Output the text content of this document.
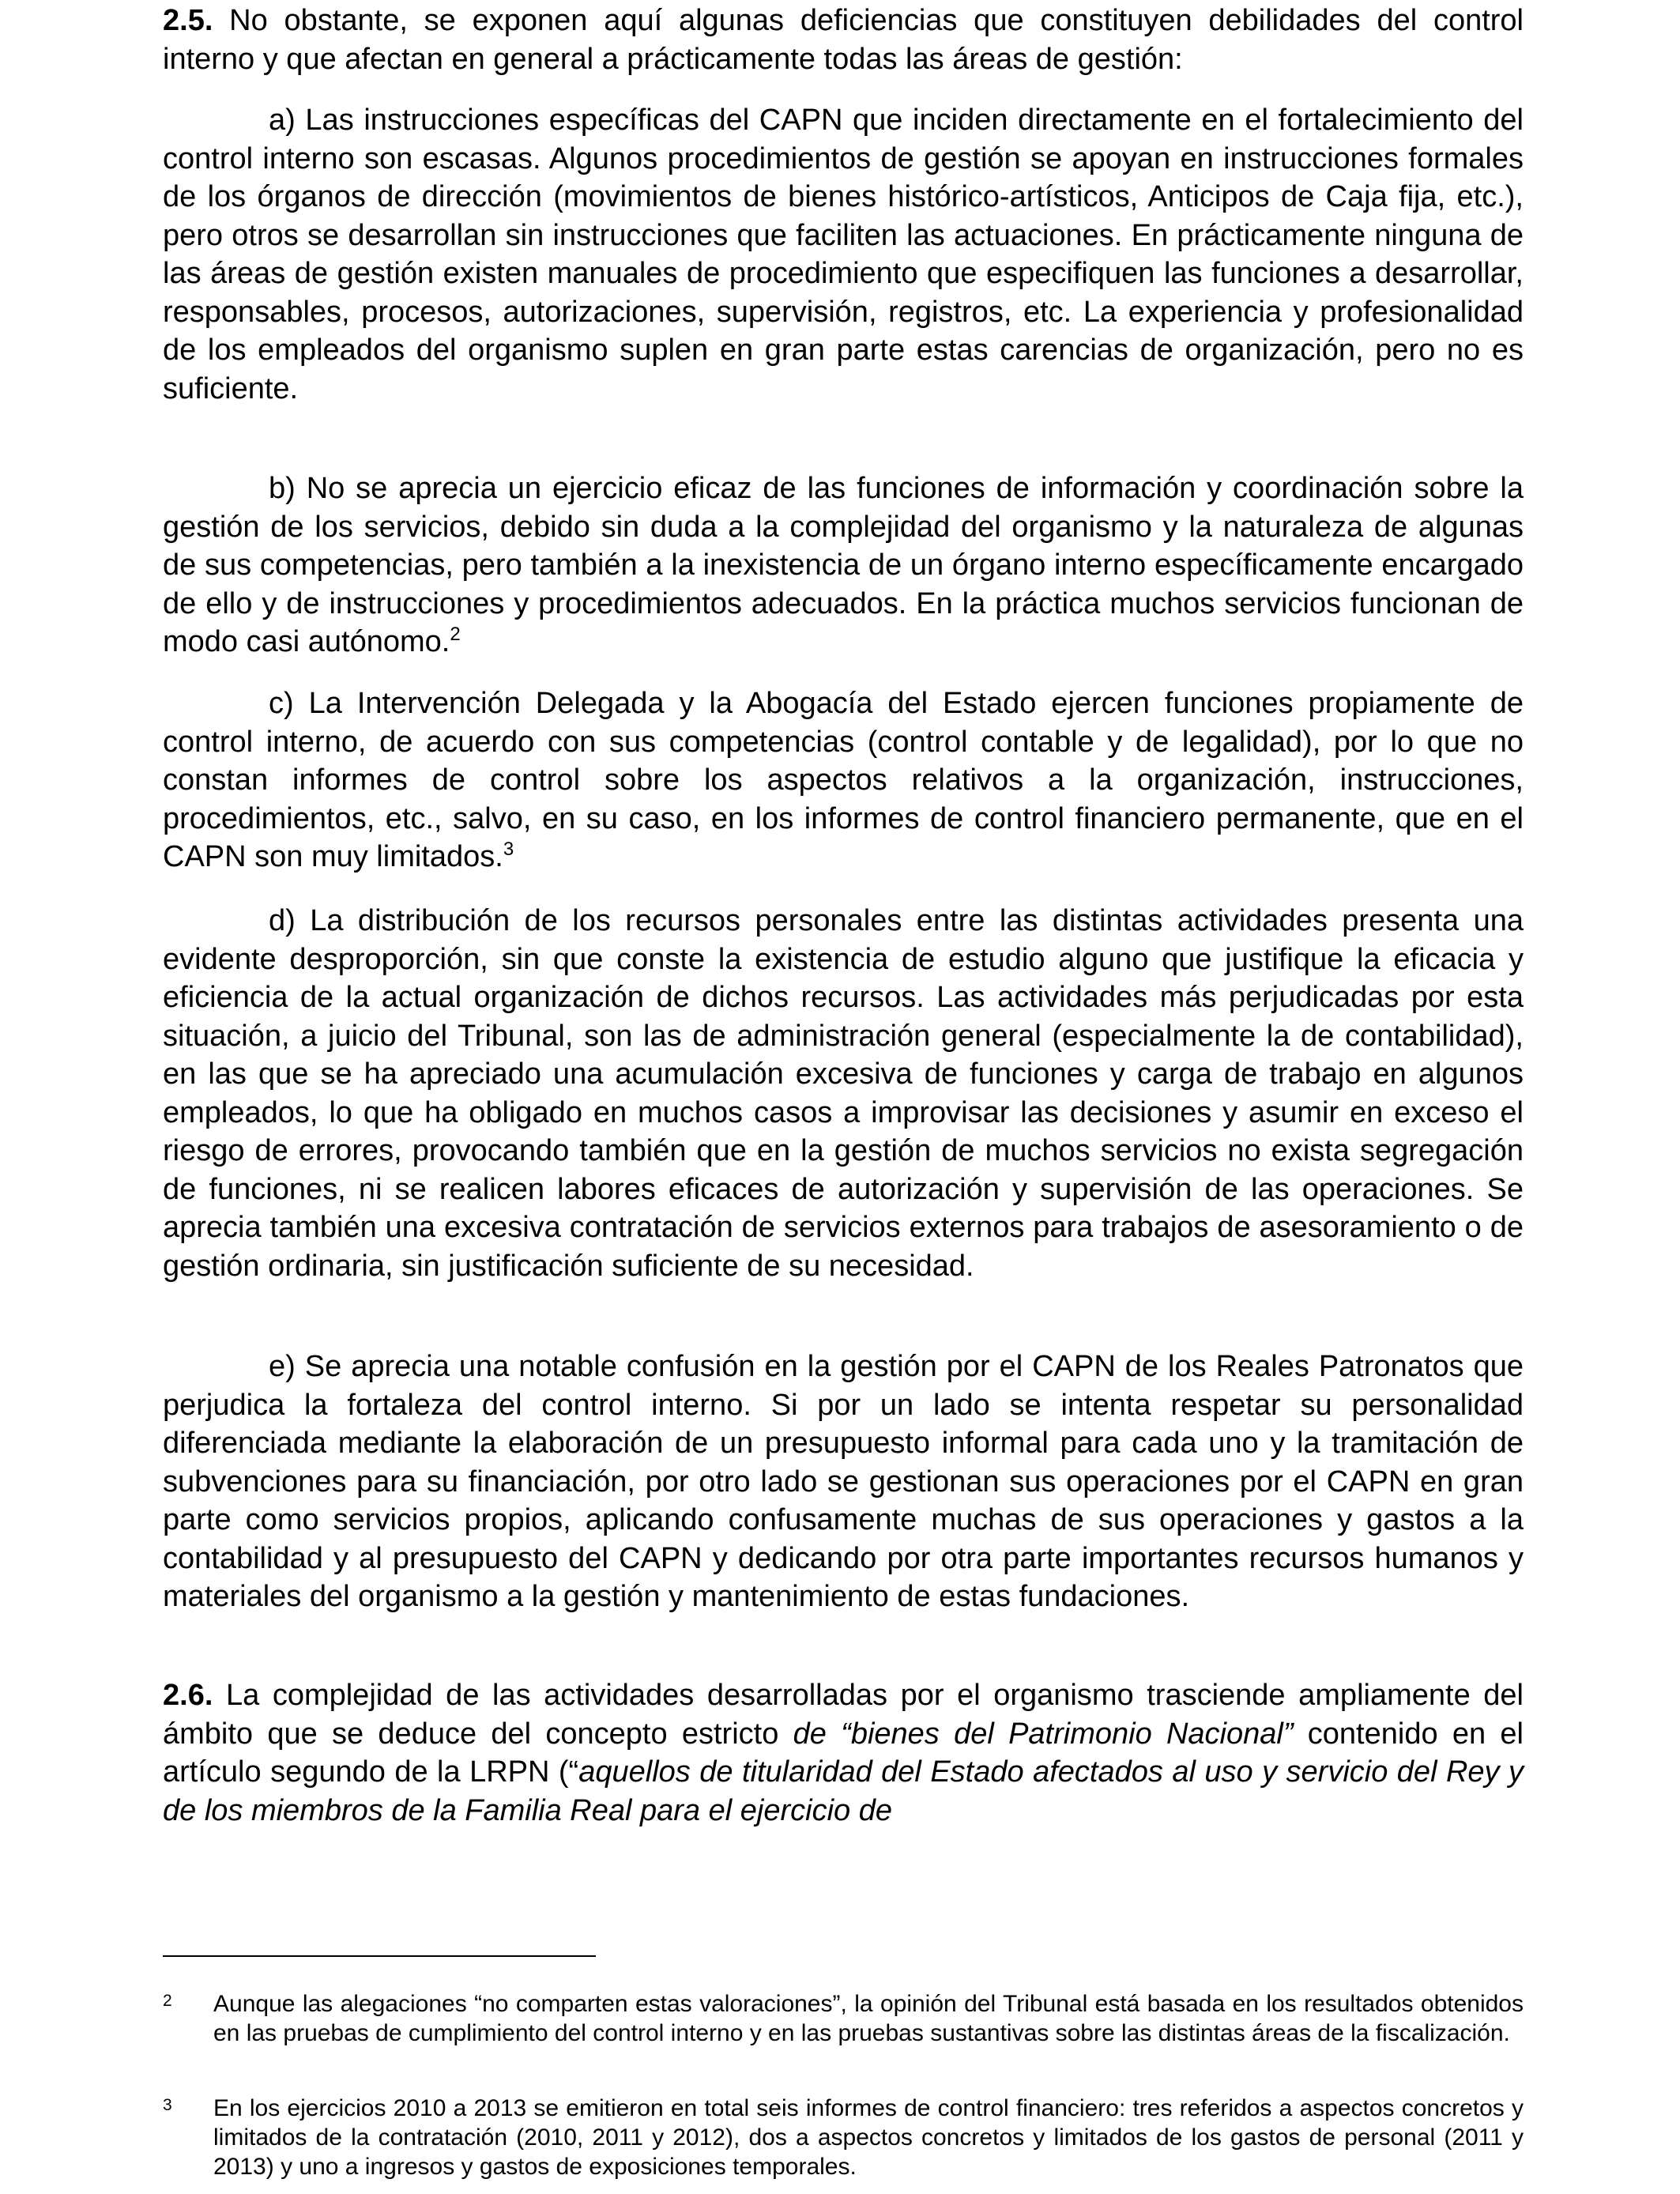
2.5. No obstante, se exponen aquí algunas deficiencias que constituyen debilidades del control interno y que afectan en general a prácticamente todas las áreas de gestión:

a) Las instrucciones específicas del CAPN que inciden directamente en el fortalecimiento del control interno son escasas. Algunos procedimientos de gestión se apoyan en instrucciones formales de los órganos de dirección (movimientos de bienes histórico-artísticos, Anticipos de Caja fija, etc.), pero otros se desarrollan sin instrucciones que faciliten las actuaciones. En prácticamente ninguna de las áreas de gestión existen manuales de procedimiento que especifiquen las funciones a desarrollar, responsables, procesos, autorizaciones, supervisión, registros, etc. La experiencia y profesionalidad de los empleados del organismo suplen en gran parte estas carencias de organización, pero no es suficiente.

b) No se aprecia un ejercicio eficaz de las funciones de información y coordinación sobre la gestión de los servicios, debido sin duda a la complejidad del organismo y la naturaleza de algunas de sus competencias, pero también a la inexistencia de un órgano interno específicamente encargado de ello y de instrucciones y procedimientos adecuados. En la práctica muchos servicios funcionan de modo casi autónomo.$^2$

c) La Intervención Delegada y la Abogacía del Estado ejercen funciones propiamente de control interno, de acuerdo con sus competencias (control contable y de legalidad), por lo que no constan informes de control sobre los aspectos relativos a la organización, instrucciones, procedimientos, etc., salvo, en su caso, en los informes de control financiero permanente, que en el CAPN son muy limitados.$^3$

d) La distribución de los recursos personales entre las distintas actividades presenta una evidente desproporción, sin que conste la existencia de estudio alguno que justifique la eficacia y eficiencia de la actual organización de dichos recursos. Las actividades más perjudicadas por esta situación, a juicio del Tribunal, son las de administración general (especialmente la de contabilidad), en las que se ha apreciado una acumulación excesiva de funciones y carga de trabajo en algunos empleados, lo que ha obligado en muchos casos a improvisar las decisiones y asumir en exceso el riesgo de errores, provocando también que en la gestión de muchos servicios no exista segregación de funciones, ni se realicen labores eficaces de autorización y supervisión de las operaciones. Se aprecia también una excesiva contratación de servicios externos para trabajos de asesoramiento o de gestión ordinaria, sin justificación suficiente de su necesidad.

e) Se aprecia una notable confusión en la gestión por el CAPN de los Reales Patronatos que perjudica la fortaleza del control interno. Si por un lado se intenta respetar su personalidad diferenciada mediante la elaboración de un presupuesto informal para cada uno y la tramitación de subvenciones para su financiación, por otro lado se gestionan sus operaciones por el CAPN en gran parte como servicios propios, aplicando confusamente muchas de sus operaciones y gastos a la contabilidad y al presupuesto del CAPN y dedicando por otra parte importantes recursos humanos y materiales del organismo a la gestión y mantenimiento de estas fundaciones.

2.6. La complejidad de las actividades desarrolladas por el organismo trasciende ampliamente del ámbito que se deduce del concepto estricto de “bienes del Patrimonio Nacional” contenido en el artículo segundo de la LRPN (“aquellos de titularidad del Estado afectados al uso y servicio del Rey y de los miembros de la Familia Real para el ejercicio de

2 Aunque las alegaciones “no comparten estas valoraciones”, la opinión del Tribunal está basada en los resultados obtenidos en las pruebas de cumplimiento del control interno y en las pruebas sustantivas sobre las distintas áreas de la fiscalización.
3 En los ejercicios 2010 a 2013 se emitieron en total seis informes de control financiero: tres referidos a aspectos concretos y limitados de la contratación (2010, 2011 y 2012), dos a aspectos concretos y limitados de los gastos de personal (2011 y 2013) y uno a ingresos y gastos de exposiciones temporales.
